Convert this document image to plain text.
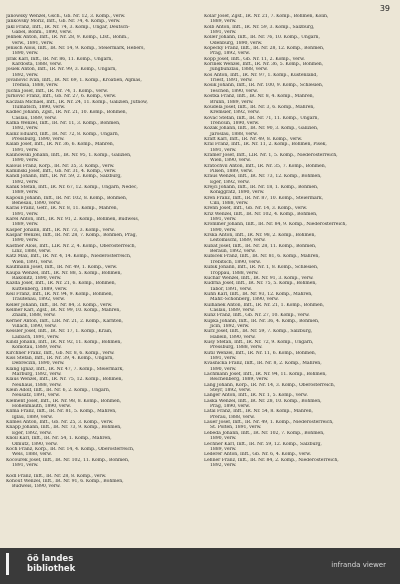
39
Janowsky Wenzel, Gsch., Gb. Nr. 12, 3. Komp., verw.
Jankovsky Moriz, Inft., Gb. Nr. 74, 4. Komp., verw.
Jakl Franz, Inft., IR. Nr. 74, 3. Komp., Ungar, Deutsch-
Gabel, Böhm., 1890, verw.
Jelinek Anton, Inft., IR. Nr. 28, 9. Komp., Lfst., Böhm.,
verw., 1891, verw.
Jenisch Alois, Inft., IR. Nr. 14, 9. Komp., Steiermark, Hebers,
1890, verw.
Jirak Karl, Inft., IR. Nr. 86, 11. Komp., Ungarn,
Kardosta, 1888, verw.
Josiek Anton, Inft., IR. Nr. 99, 3. Komp., Ungarn,
1892, verw.
Jovanovic Ivan, Inft., IR. Nr. 69, 1. Komp., Kroatien, Aljmas,
Tremsa, 1888, verw.
Juchla Josef, Inft., IR. Nr. 74, 1. Komp., verw.
Jurkovic Franz, Inft., Gb. Nr. 27, 6. Komp., verw.
Kaczala Michael, Inft., IR. Nr. 24, 11. Komp., Galizien, Jutnow,
Tlumatsch, 1890, verw.
Kadlec Johann, Zgsf., IR. Nr. 21, 10. Komp., Böhmen,
Caslau, 1889, verw.
Kafka Wenzel, Inft., IR. Nr. 11, 3. Komp., Böhmen,
1892, verw.
Kainz Eduard, Inft., IR. Nr. 72, 8. Komp., Ungarn,
Pressburg, 1890, verw.
Kalab Josef, Inft., IR. Nr. 36, 6. Komp., Mähren,
1891, verw.
Kalinowski Johann, Inft., IR. Nr. 95, 1. Komp., Galizien,
1890, verw.
Kalous Franz, Korp., IR. Nr. 35, 3. Komp., verw.
Kaminski Josef, Inft., Gb. Nr. 31, 4. Komp., verw.
Kandl Johann, Inft., IR. Nr. 59, 2. Komp., Salzburg,
1892, verw.
Kanik Stefan, Inft., IR. Nr. 67, 12. Komp., Ungarn, Nedec,
1889, verw.
Kapoun Johann, Inft., IR. Nr. 102, 8. Komp., Böhmen,
Benesau, 1890, verw.
Karas Franz, Gefr., IR. Nr. 8, 11. Komp., Mähren,
1891, verw.
Karel Anton, Inft., IR. Nr. 91, 2. Komp., Böhmen, Budweis,
1889, verw.
Kasper Johann, Inft., IR. Nr. 73, 3. Komp., verw.
Kaspar Wenzel, Inft., IR. Nr. 28, 7. Komp., Böhmen, Prag,
1890, verw.
Kastner Alois, Inft., LIR. Nr. 2, 4. Komp., Oberösterreich,
Linz, 1888, verw.
Katz Max, Inft., IR. Nr. 4, 14. Komp., Niederösterreich,
Wien, 1891, verw.
Kaufmann Josef, Inft., IR. Nr. 49, 1. Komp., verw.
Kaupa Wenzel, Inft., IR. Nr. 88, 5. Komp., Böhmen,
Rakonitz, 1890, verw.
Kazda Josef, Inft., IR. Nr. 21, 6. Komp., Böhmen,
Kuttenberg, 1889, verw.
Keil Franz, Inft., IR. Nr. 94, 9. Komp., Böhmen,
Trautenau, 1892, verw.
Keller Johann, Inft., IR. Nr. 84, 3. Komp., verw.
Kellner Karl, Zgsf., IR. Nr. 99, 10. Komp., Mähren,
Znaim, 1888, verw.
Kerner Anton, Inft., LIR. Nr. 21, 2. Komp., Kärnten,
Villach, 1890, verw.
Kessler Josef, Inft., IR. Nr. 17, 1. Komp., Krain,
Laibach, 1891, verw.
Kindl Johann, Inft., IR. Nr. 92, 11. Komp., Böhmen,
Komotau, 1889, verw.
Kirchner Franz, Inft., Gb. Nr. 8, 6. Komp., verw.
Kiss Stefan, Inft., IR. Nr. 39, 4. Komp., Ungarn,
Debreczin, 1890, verw.
Klang Ignaz, Inft., IR. Nr. 47, 7. Komp., Steiermark,
Marburg, 1892, verw.
Klaus Wenzel, Inft., IR. Nr. 75, 12. Komp., Böhmen,
Neuhaus, 1888, verw.
Klein Adolf, Inft., IR. Nr. 6, 2. Komp., Ungarn,
Neusatz, 1891, verw.
Klement Josef, Inft., IR. Nr. 98, 8. Komp., Böhmen,
Hohenmauth, 1890, verw.
Klima Franz, Inft., IR. Nr. 81, 5. Komp., Mähren,
Iglau, 1889, verw.
Klimes Anton, Inft., Gb. Nr. 25, 3. Komp., verw.
Knapp Johann, Inft., IR. Nr. 73, 9. Komp., Böhmen,
Eger, 1892, verw.
Knoll Karl, Inft., IR. Nr. 54, 1. Komp., Mähren,
Olmütz, 1890, verw.
Koch Franz, Korp., IR. Nr. 14, 4. Komp., Oberösterreich,
Wels, 1888, verw.
Kocourek Josef, Inft., IR. Nr. 102, 11. Komp., Böhmen,
1891, verw.

Kodl Franz, Inft., IR. Nr. 28, 8. Komp., verw.
Kohout Wenzel, Inft., IR. Nr. 91, 6. Komp., Böhmen,
Budweis, 1890, verw.
Kolar Josef, Zgsf., IR. Nr. 21, 7. Komp., Böhmen, Kolin,
1889, verw.
Kolb Anton, Inft., IR. Nr. 59, 3. Komp., Salzburg,
1891, verw.
Koller Johann, Inft., IR. Nr. 76, 10. Komp., Ungarn,
Ödenburg, 1890, verw.
Kopecky Franz, Inft., IR. Nr. 28, 12. Komp., Böhmen,
Prag, 1892, verw.
Kopp Josef, Inft., Gb. Nr. 11, 2. Komp., verw.
Korinek Wenzel, Inft., IR. Nr. 36, 5. Komp., Böhmen,
Jungbunzlau, 1888, verw.
Kos Anton, Inft., IR. Nr. 97, 1. Komp., Küstenland,
Triest, 1891, verw.
Kosik Johann, Inft., IR. Nr. 100, 9. Komp., Schlesien,
Teschen, 1890, verw.
Kostka Franz, Inft., IR. Nr. 8, 4. Komp., Mähren,
Brünn, 1889, verw.
Koudela Josef, Inft., IR. Nr. 3, 6. Komp., Mähren,
Kremsier, 1892, verw.
Kovac Stefan, Inft., IR. Nr. 71, 11. Komp., Ungarn,
Trencsin, 1890, verw.
Kozak Johann, Inft., IR. Nr. 90, 3. Komp., Galizien,
Jaroslau, 1888, verw.
Kraft Karl, Inft., IR. Nr. 49, 8. Komp., verw.
Kral Franz, Inft., IR. Nr. 11, 2. Komp., Böhmen, Pisek,
1891, verw.
Kramer Josef, Inft., LIR. Nr. 1, 5. Komp., Niederösterreich,
Wien, 1890, verw.
Kratochvil Anton, Inft., IR. Nr. 35, 7. Komp., Böhmen,
Pilsen, 1889, verw.
Kraus Wenzel, Inft., IR. Nr. 73, 12. Komp., Böhmen,
Eger, 1892, verw.
Krejci Johann, Inft., IR. Nr. 18, 1. Komp., Böhmen,
Königgrätz, 1890, verw.
Kren Franz, Inft., IR. Nr. 87, 10. Komp., Steiermark,
Cilli, 1888, verw.
Krenn Josef, Inft., Gb. Nr. 14, 3. Komp., verw.
Kriz Wenzel, Inft., IR. Nr. 102, 4. Komp., Böhmen,
1891, verw.
Krommer Johann, Inft., IR. Nr. 84, 9. Komp., Niederösterreich,
1890, verw.
Krska Anton, Inft., IR. Nr. 98, 2. Komp., Böhmen,
Leitomischl, 1889, verw.
Kubat Josef, Inft., IR. Nr. 28, 11. Komp., Böhmen,
Beraun, 1892, verw.
Kubicek Franz, Inft., IR. Nr. 81, 6. Komp., Mähren,
Trebitsch, 1890, verw.
Kubik Johann, Inft., IR. Nr. 1, 8. Komp., Schlesien,
Troppau, 1888, verw.
Kuchar Wenzel, Inft., IR. Nr. 91, 3. Komp., verw.
Kudrna Josef, Inft., IR. Nr. 75, 5. Komp., Böhmen,
Tabor, 1891, verw.
Kuhn Karl, Inft., IR. Nr. 93, 12. Komp., Mähren,
Mähr.-Schönberg, 1890, verw.
Kulhanek Anton, Inft., IR. Nr. 21, 1. Komp., Böhmen,
Caslau, 1889, verw.
Kunz Franz, Inft., Gb. Nr. 27, 10. Komp., verw.
Kupka Johann, Inft., IR. Nr. 36, 4. Komp., Böhmen,
Jicin, 1892, verw.
Kurz Josef, Inft., IR. Nr. 59, 7. Komp., Salzburg,
Hallein, 1890, verw.
Kusy Stefan, Inft., IR. Nr. 72, 9. Komp., Ungarn,
Pressburg, 1888, verw.
Kutil Wenzel, Inft., IR. Nr. 11, 6. Komp., Böhmen,
1891, verw.
Kvasnicka Franz, Inft., IR. Nr. 8, 2. Komp., Mähren,
1890, verw.
Lachmann Josef, Inft., IR. Nr. 94, 11. Komp., Böhmen,
Reichenberg, 1889, verw.
Lang Johann, Korp., IR. Nr. 14, 3. Komp., Oberösterreich,
Steyr, 1892, verw.
Langer Anton, Inft., IR. Nr. 1, 5. Komp., verw.
Laska Wenzel, Inft., IR. Nr. 28, 10. Komp., Böhmen,
Prag, 1890, verw.
Latal Franz, Inft., IR. Nr. 54, 8. Komp., Mähren,
Prerau, 1888, verw.
Lauer Josef, Inft., IR. Nr. 49, 1. Komp., Niederösterreich,
St. Pölten, 1891, verw.
Lebeda Johann, Inft., IR. Nr. 102, 7. Komp., Böhmen,
1890, verw.
Lechner Karl, Inft., IR. Nr. 59, 12. Komp., Salzburg,
1889, verw.
Lederer Anton, Inft., Gb. Nr. 6, 4. Komp., verw.
Lehner Franz, Inft., IR. Nr. 84, 2. Komp., Niederösterreich,
1892, verw.
öö landes
bibliothek	infranda viewer
